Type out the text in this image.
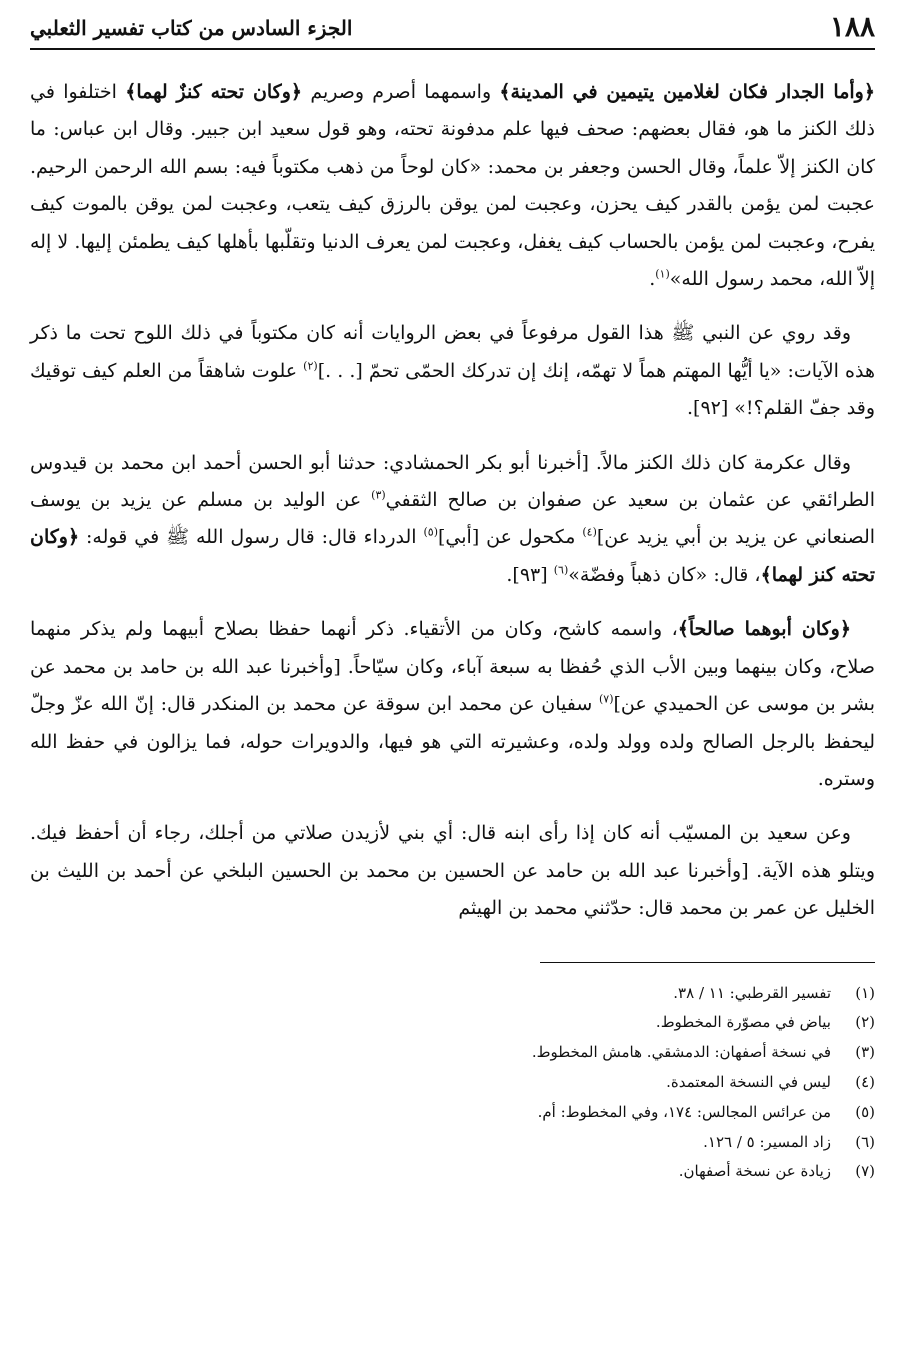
١٨٨
الجزء السادس من كتاب تفسير الثعلبي

﴿وأما الجدار فكان لغلامين يتيمين في المدينة﴾ واسمهما أصرم وصريم ﴿وكان تحته كنزٌ لهما﴾ اختلفوا في ذلك الكنز ما هو، فقال بعضهم: صحف فيها علم مدفونة تحته، وهو قول سعيد ابن جبير. وقال ابن عباس: ما كان الكنز إلاّ علماً، وقال الحسن وجعفر بن محمد: «كان لوحاً من ذهب مكتوباً فيه: بسم الله الرحمن الرحيم. عجبت لمن يؤمن بالقدر كيف يحزن، وعجبت لمن يوقن بالرزق كيف يتعب، وعجبت لمن يوقن بالموت كيف يفرح، وعجبت لمن يؤمن بالحساب كيف يغفل، وعجبت لمن يعرف الدنيا وتقلّبها بأهلها كيف يطمئن إليها. لا إله إلاّ الله، محمد رسول الله»$^{(١)}$.

وقد روي عن النبي ﷺ هذا القول مرفوعاً في بعض الروايات أنه كان مكتوباً في ذلك اللوح تحت ما ذكر هذه الآيات: «يا أيُّها المهتم هماً لا تهمّه، إنك إن تدركك الحمّى تحمّ [. . .]$^{(٢)}$ علوت شاهقاً من العلم كيف توقيك وقد جفّ القلم؟!» [٩٢].

وقال عكرمة كان ذلك الكنز مالاً. [أخبرنا أبو بكر الحمشادي: حدثنا أبو الحسن أحمد ابن محمد بن قيدوس الطرائقي عن عثمان بن سعيد عن صفوان بن صالح الثقفي$^{(٣)}$ عن الوليد بن مسلم عن يزيد بن يوسف الصنعاني عن يزيد بن أبي يزيد عن]$^{(٤)}$ مكحول عن [أبي]$^{(٥)}$ الدرداء قال: قال رسول الله ﷺ في قوله: ﴿وكان تحته كنز لهما﴾، قال: «كان ذهباً وفضّة»$^{(٦)}$ [٩٣].

﴿وكان أبوهما صالحاً﴾، واسمه كاشح، وكان من الأتقياء. ذكر أنهما حفظا بصلاح أبيهما ولم يذكر منهما صلاح، وكان بينهما وبين الأب الذي حُفظا به سبعة آباء، وكان سيّاحاً. [وأخبرنا عبد الله بن حامد بن محمد عن بشر بن موسى عن الحميدي عن]$^{(٧)}$ سفيان عن محمد ابن سوقة عن محمد بن المنكدر قال: إنّ الله عزّ وجلّ ليحفظ بالرجل الصالح ولده وولد ولده، وعشيرته التي هو فيها، والدويرات حوله، فما يزالون في حفظ الله وستره.

وعن سعيد بن المسيّب أنه كان إذا رأى ابنه قال: أي بني لأزيدن صلاتي من أجلك، رجاء أن أحفظ فيك. ويتلو هذه الآية. [وأخبرنا عبد الله بن حامد عن الحسين بن محمد بن الحسين البلخي عن أحمد بن الليث بن الخليل عن عمر بن محمد قال: حدّثني محمد بن الهيثم

(١)
تفسير القرطبي: ١١ / ٣٨.
(٢)
بياض في مصوّرة المخطوط.
(٣)
في نسخة أصفهان: الدمشقي. هامش المخطوط.
(٤)
ليس في النسخة المعتمدة.
(٥)
من عرائس المجالس: ١٧٤، وفي المخطوط: أم.
(٦)
زاد المسير: ٥ / ١٢٦.
(٧)
زيادة عن نسخة أصفهان.
